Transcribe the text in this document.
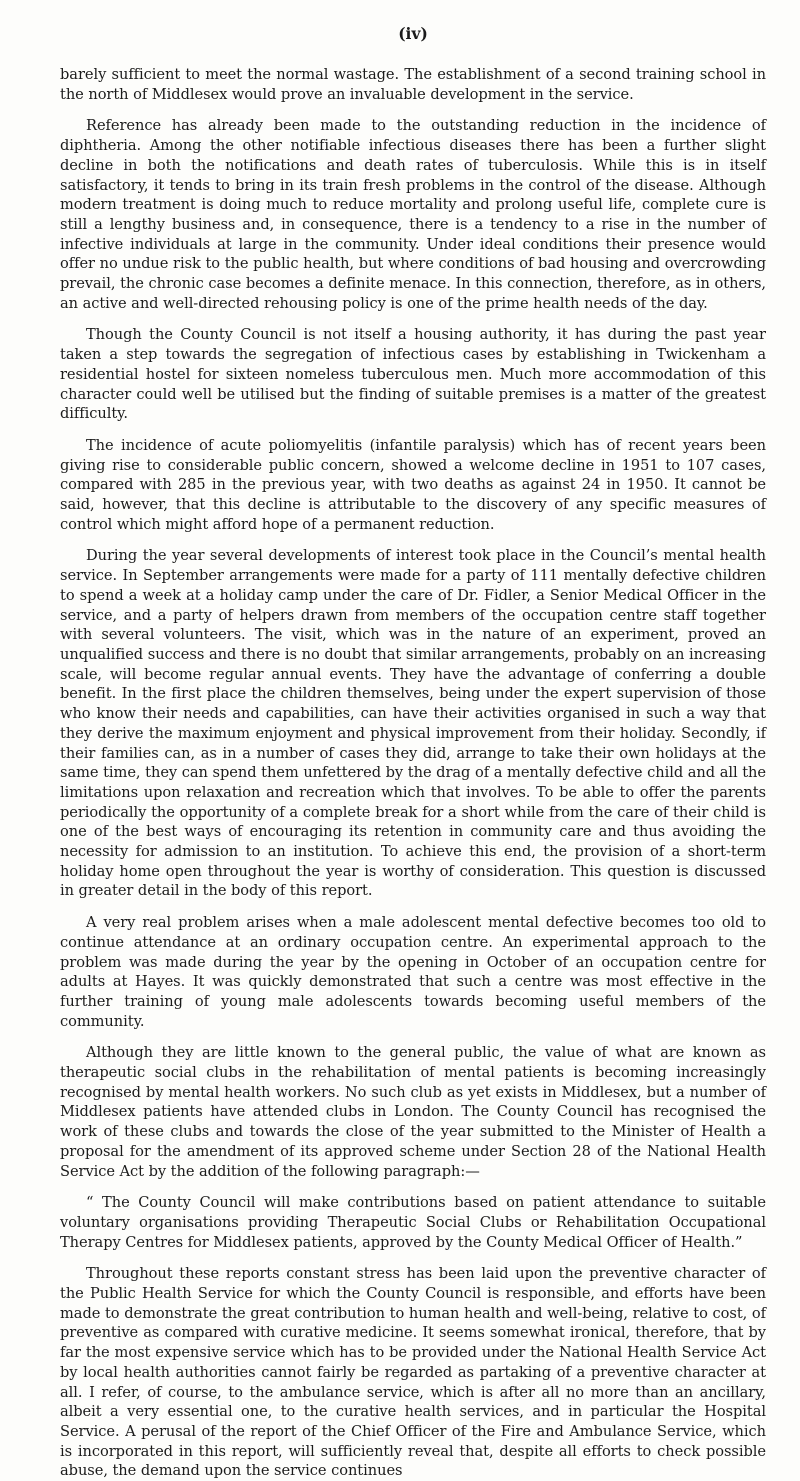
(iv)

barely sufficient to meet the normal wastage. The establishment of a second training school in the north of Middlesex would prove an invaluable development in the service.

Reference has already been made to the outstanding reduction in the incidence of diphtheria. Among the other notifiable infectious diseases there has been a further slight decline in both the notifications and death rates of tuberculosis. While this is in itself satisfactory, it tends to bring in its train fresh problems in the control of the disease. Although modern treatment is doing much to reduce mortality and prolong useful life, complete cure is still a lengthy business and, in consequence, there is a tendency to a rise in the number of infective individuals at large in the community. Under ideal conditions their presence would offer no undue risk to the public health, but where conditions of bad housing and overcrowding prevail, the chronic case becomes a definite menace. In this connection, therefore, as in others, an active and well-directed rehousing policy is one of the prime health needs of the day.

Though the County Council is not itself a housing authority, it has during the past year taken a step towards the segregation of infectious cases by establishing in Twickenham a residential hostel for sixteen nomeless tuberculous men. Much more accommodation of this character could well be utilised but the finding of suitable premises is a matter of the greatest difficulty.

The incidence of acute poliomyelitis (infantile paralysis) which has of recent years been giving rise to considerable public concern, showed a welcome decline in 1951 to 107 cases, compared with 285 in the previous year, with two deaths as against 24 in 1950. It cannot be said, however, that this decline is attributable to the discovery of any specific measures of control which might afford hope of a permanent reduction.

During the year several developments of interest took place in the Council’s mental health service. In September arrangements were made for a party of 111 mentally defective children to spend a week at a holiday camp under the care of Dr. Fidler, a Senior Medical Officer in the service, and a party of helpers drawn from members of the occupation centre staff together with several volunteers. The visit, which was in the nature of an experiment, proved an unqualified success and there is no doubt that similar arrangements, probably on an increasing scale, will become regular annual events. They have the advantage of conferring a double benefit. In the first place the children themselves, being under the expert supervision of those who know their needs and capabilities, can have their activities organised in such a way that they derive the maximum enjoyment and physical improvement from their holiday. Secondly, if their families can, as in a number of cases they did, arrange to take their own holidays at the same time, they can spend them unfettered by the drag of a mentally defective child and all the limitations upon relaxation and recreation which that involves. To be able to offer the parents periodically the opportunity of a complete break for a short while from the care of their child is one of the best ways of encouraging its retention in community care and thus avoiding the necessity for admission to an institution. To achieve this end, the provision of a short-term holiday home open throughout the year is worthy of consideration. This question is discussed in greater detail in the body of this report.

A very real problem arises when a male adolescent mental defective becomes too old to continue attendance at an ordinary occupation centre. An experimental approach to the problem was made during the year by the opening in October of an occupation centre for adults at Hayes. It was quickly demonstrated that such a centre was most effective in the further training of young male adolescents towards becoming useful members of the community.

Although they are little known to the general public, the value of what are known as therapeutic social clubs in the rehabilitation of mental patients is becoming increasingly recognised by mental health workers. No such club as yet exists in Middlesex, but a number of Middlesex patients have attended clubs in London. The County Council has recognised the work of these clubs and towards the close of the year submitted to the Minister of Health a proposal for the amendment of its approved scheme under Section 28 of the National Health Service Act by the addition of the following paragraph:—

“ The County Council will make contributions based on patient attendance to suitable voluntary organisations providing Therapeutic Social Clubs or Rehabilitation Occupational Therapy Centres for Middlesex patients, approved by the County Medical Officer of Health.”

Throughout these reports constant stress has been laid upon the preventive character of the Public Health Service for which the County Council is responsible, and efforts have been made to demonstrate the great contribution to human health and well-being, relative to cost, of preventive as compared with curative medicine. It seems somewhat ironical, therefore, that by far the most expensive service which has to be provided under the National Health Service Act by local health authorities cannot fairly be regarded as partaking of a preventive character at all. I refer, of course, to the ambulance service, which is after all no more than an ancillary, albeit a very essential one, to the curative health services, and in particular the Hospital Service. A perusal of the report of the Chief Officer of the Fire and Ambulance Service, which is incorporated in this report, will sufficiently reveal that, despite all efforts to check possible abuse, the demand upon the service continues
